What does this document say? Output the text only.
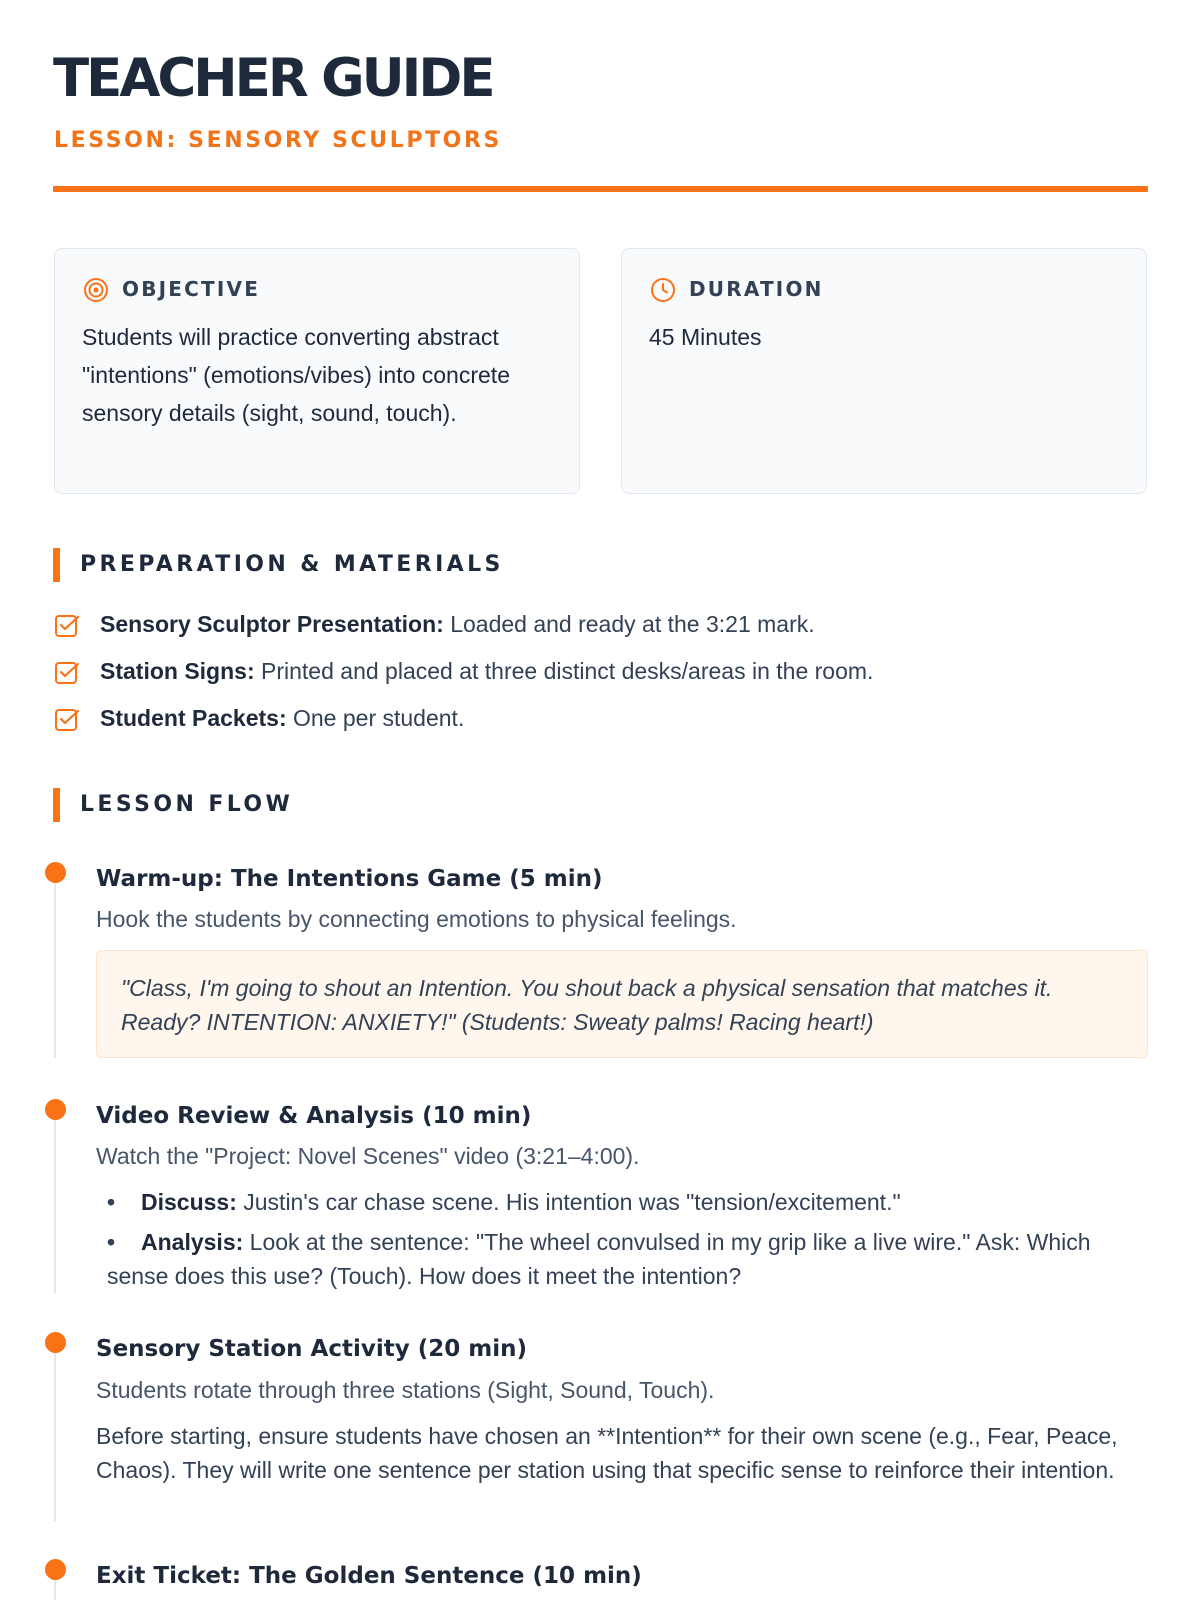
TEACHER GUIDE
LESSON: SENSORY SCULPTORS
OBJECTIVE
Students will practice converting abstract "intentions" (emotions/vibes) into concrete sensory details (sight, sound, touch).
DURATION
45 Minutes
PREPARATION & MATERIALS
Sensory Sculptor Presentation: Loaded and ready at the 3:21 mark.
Station Signs: Printed and placed at three distinct desks/areas in the room.
Student Packets: One per student.
LESSON FLOW
Warm-up: The Intentions Game (5 min)
Hook the students by connecting emotions to physical feelings.
"Class, I'm going to shout an Intention. You shout back a physical sensation that matches it. Ready? INTENTION: ANXIETY!" (Students: Sweaty palms! Racing heart!)
Video Review & Analysis (10 min)
Watch the "Project: Novel Scenes" video (3:21–4:00).
• Discuss: Justin's car chase scene. His intention was "tension/excitement."
• Analysis: Look at the sentence: "The wheel convulsed in my grip like a live wire." Ask: Which sense does this use? (Touch). How does it meet the intention?
Sensory Station Activity (20 min)
Students rotate through three stations (Sight, Sound, Touch).
Before starting, ensure students have chosen an **Intention** for their own scene (e.g., Fear, Peace, Chaos). They will write one sentence per station using that specific sense to reinforce their intention.
Exit Ticket: The Golden Sentence (10 min)
